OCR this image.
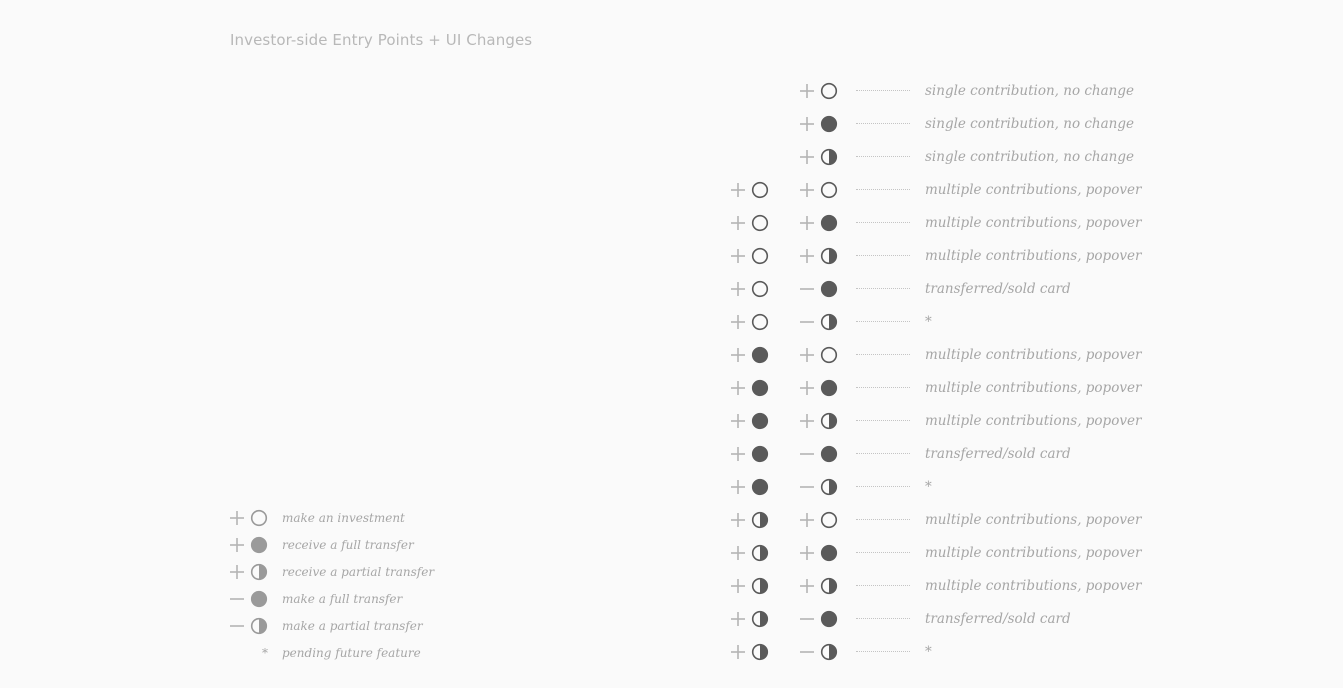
Investor-side Entry Points + UI Changes
single contribution, no change
single contribution, no change
single contribution, no change
multiple contributions, popover
multiple contributions, popover
multiple contributions, popover
transferred/sold card
*
multiple contributions, popover
multiple contributions, popover
multiple contributions, popover
transferred/sold card
*
multiple contributions, popover
multiple contributions, popover
multiple contributions, popover
transferred/sold card
*
make an investment
receive a full transfer
receive a partial transfer
make a full transfer
make a partial transfer
* pending future feature
